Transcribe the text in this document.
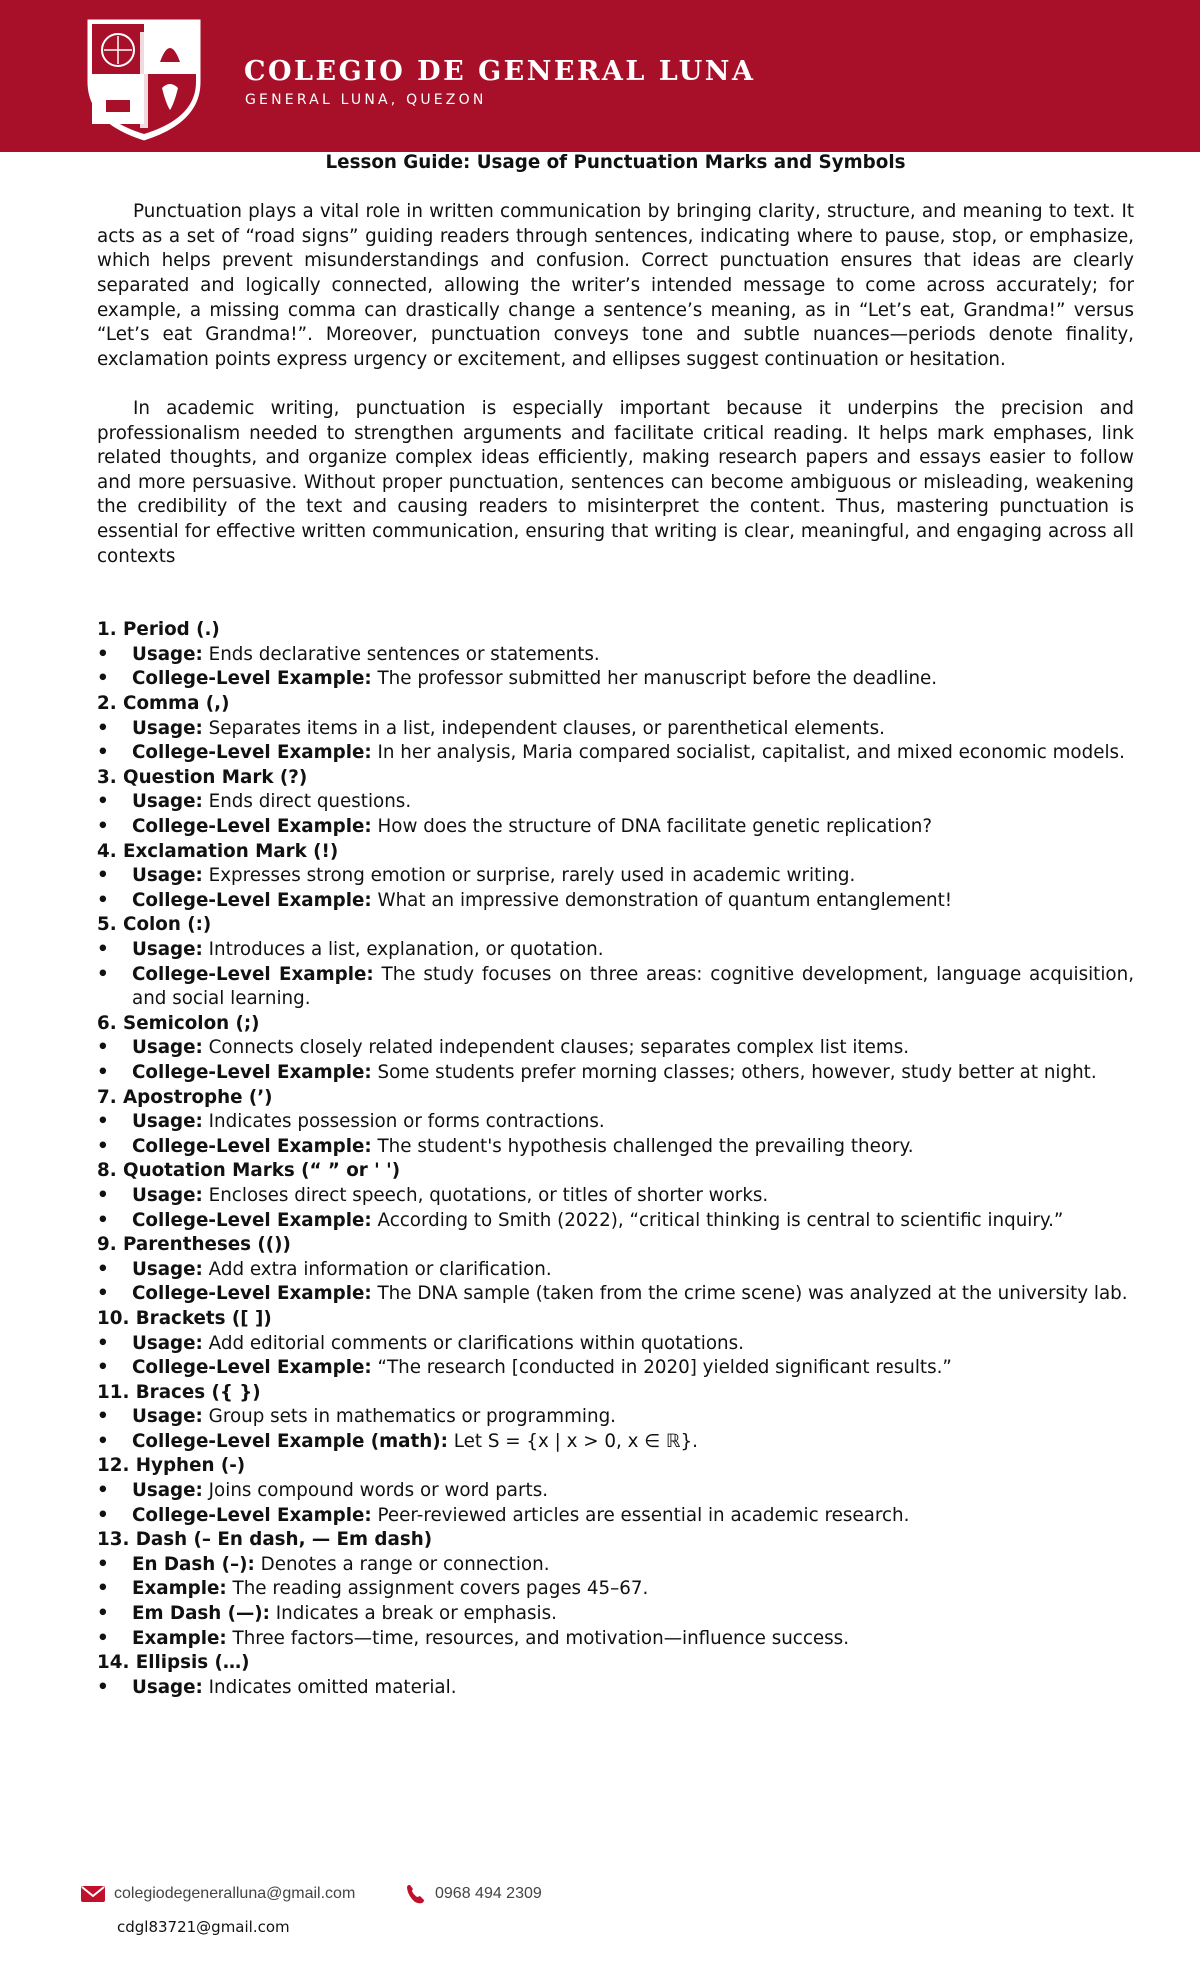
COLEGIO DE GENERAL LUNA
GENERAL LUNA, QUEZON
Lesson Guide: Usage of Punctuation Marks and Symbols

Punctuation plays a vital role in written communication by bringing clarity, structure, and meaning to text. It acts as a set of “road signs” guiding readers through sentences, indicating where to pause, stop, or emphasize, which helps prevent misunderstandings and confusion. Correct punctuation ensures that ideas are clearly separated and logically connected, allowing the writer’s intended message to come across accurately; for example, a missing comma can drastically change a sentence’s meaning, as in “Let’s eat, Grandma!” versus “Let’s eat Grandma!”. Moreover, punctuation conveys tone and subtle nuances—periods denote finality, exclamation points express urgency or excitement, and ellipses suggest continuation or hesitation.

In academic writing, punctuation is especially important because it underpins the precision and professionalism needed to strengthen arguments and facilitate critical reading. It helps mark emphases, link related thoughts, and organize complex ideas efficiently, making research papers and essays easier to follow and more persuasive. Without proper punctuation, sentences can become ambiguous or misleading, weakening the credibility of the text and causing readers to misinterpret the content. Thus, mastering punctuation is essential for effective written communication, ensuring that writing is clear, meaningful, and engaging across all contexts

1. Period (.)
• Usage: Ends declarative sentences or statements.
• College-Level Example: The professor submitted her manuscript before the deadline.
2. Comma (,)
• Usage: Separates items in a list, independent clauses, or parenthetical elements.
• College-Level Example: In her analysis, Maria compared socialist, capitalist, and mixed economic models.
3. Question Mark (?)
• Usage: Ends direct questions.
• College-Level Example: How does the structure of DNA facilitate genetic replication?
4. Exclamation Mark (!)
• Usage: Expresses strong emotion or surprise, rarely used in academic writing.
• College-Level Example: What an impressive demonstration of quantum entanglement!
5. Colon (:)
• Usage: Introduces a list, explanation, or quotation.
• College-Level Example: The study focuses on three areas: cognitive development, language acquisition, and social learning.
6. Semicolon (;)
• Usage: Connects closely related independent clauses; separates complex list items.
• College-Level Example: Some students prefer morning classes; others, however, study better at night.
7. Apostrophe (’)
• Usage: Indicates possession or forms contractions.
• College-Level Example: The student's hypothesis challenged the prevailing theory.
8. Quotation Marks (“ ” or ' ')
• Usage: Encloses direct speech, quotations, or titles of shorter works.
• College-Level Example: According to Smith (2022), “critical thinking is central to scientific inquiry.”
9. Parentheses (())
• Usage: Add extra information or clarification.
• College-Level Example: The DNA sample (taken from the crime scene) was analyzed at the university lab.
10. Brackets ([ ])
• Usage: Add editorial comments or clarifications within quotations.
• College-Level Example: “The research [conducted in 2020] yielded significant results.”
11. Braces ({ })
• Usage: Group sets in mathematics or programming.
• College-Level Example (math): Let S = {x | x > 0, x ∈ ℝ}.
12. Hyphen (-)
• Usage: Joins compound words or word parts.
• College-Level Example: Peer-reviewed articles are essential in academic research.
13. Dash (– En dash, — Em dash)
• En Dash (–): Denotes a range or connection.
• Example: The reading assignment covers pages 45–67.
• Em Dash (—): Indicates a break or emphasis.
• Example: Three factors—time, resources, and motivation—influence success.
14. Ellipsis (…)
• Usage: Indicates omitted material.
colegiodegeneralluna@gmail.com	0968 494 2309
cdgl83721@gmail.com
